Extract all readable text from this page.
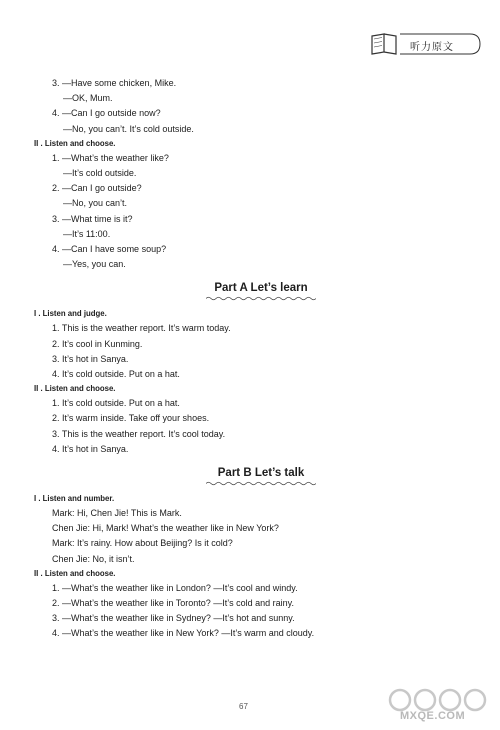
听力原文
3. —Have some chicken, Mike.
—OK, Mum.
4. —Can I go outside now?
—No, you can’t. It’s cold outside.
II . Listen and choose.
1. —What’s the weather like?
—It’s cold outside.
2. —Can I go outside?
—No, you can’t.
3. —What time is it?
—It’s 11:00.
4. —Can I have some soup?
—Yes, you can.
Part A Let’s learn
I . Listen and judge.
1. This is the weather report. It’s warm today.
2. It’s cool in Kunming.
3. It’s hot in Sanya.
4. It’s cold outside. Put on a hat.
II . Listen and choose.
1. It’s cold outside. Put on a hat.
2. It’s warm inside. Take off your shoes.
3. This is the weather report. It’s cool today.
4. It’s hot in Sanya.
Part B Let’s talk
I . Listen and number.
Mark: Hi, Chen Jie! This is Mark.
Chen Jie: Hi, Mark! What’s the weather like in New York?
Mark: It’s rainy. How about Beijing? Is it cold?
Chen Jie: No, it isn’t.
II . Listen and choose.
1. —What’s the weather like in London? —It’s cool and windy.
2. —What’s the weather like in Toronto? —It’s cold and rainy.
3. —What’s the weather like in Sydney? —It’s hot and sunny.
4. —What’s the weather like in New York? —It’s warm and cloudy.
67
MXQE.COM
